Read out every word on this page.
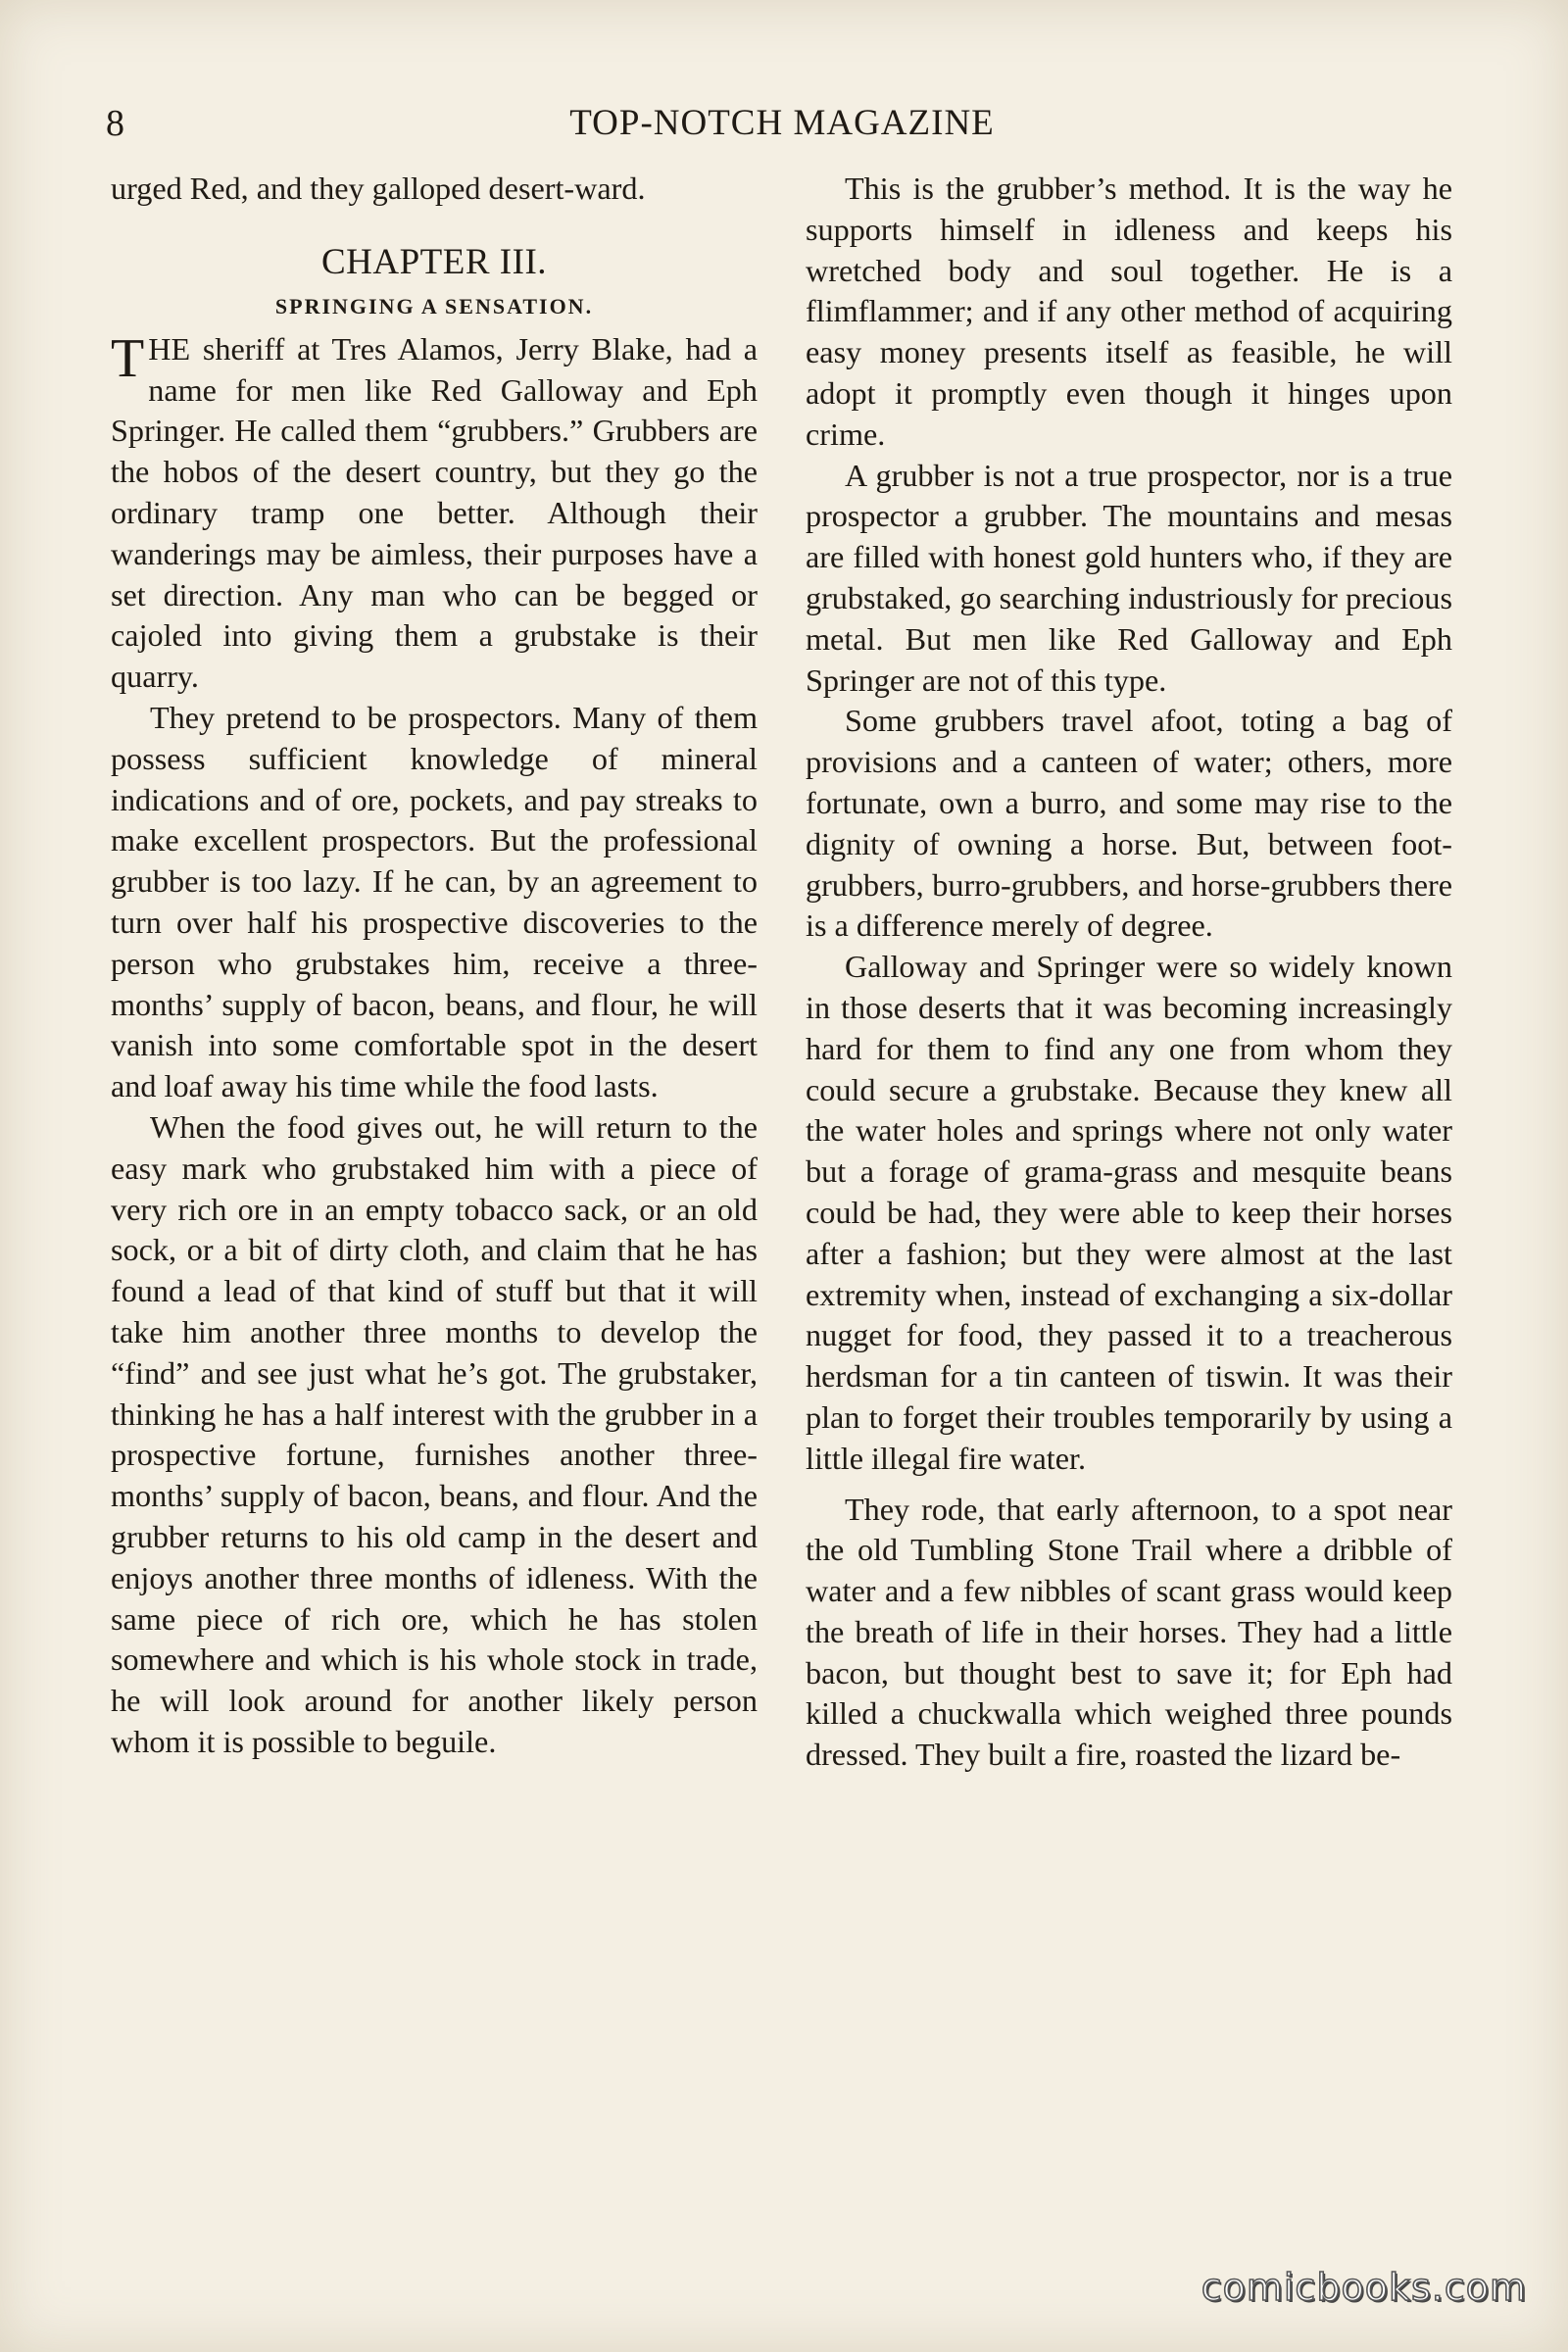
8	TOP-NOTCH MAGAZINE

urged Red, and they galloped desert-ward.

CHAPTER III.
SPRINGING A SENSATION.

THE sheriff at Tres Alamos, Jerry Blake, had a name for men like Red Galloway and Eph Springer. He called them “grubbers.” Grubbers are the hobos of the desert country, but they go the ordinary tramp one better. Although their wanderings may be aimless, their purposes have a set direction. Any man who can be begged or cajoled into giving them a grubstake is their quarry.

They pretend to be prospectors. Many of them possess sufficient knowledge of mineral indications and of ore, pockets, and pay streaks to make excellent prospectors. But the professional grubber is too lazy. If he can, by an agreement to turn over half his prospective discoveries to the person who grubstakes him, receive a three-months’ supply of bacon, beans, and flour, he will vanish into some comfortable spot in the desert and loaf away his time while the food lasts.

When the food gives out, he will return to the easy mark who grubstaked him with a piece of very rich ore in an empty tobacco sack, or an old sock, or a bit of dirty cloth, and claim that he has found a lead of that kind of stuff but that it will take him another three months to develop the “find” and see just what he’s got. The grubstaker, thinking he has a half interest with the grubber in a prospective fortune, furnishes another three-months’ supply of bacon, beans, and flour. And the grubber returns to his old camp in the desert and enjoys another three months of idleness. With the same piece of rich ore, which he has stolen somewhere and which is his whole stock in trade, he will look around for another likely person whom it is possible to beguile.

This is the grubber’s method. It is the way he supports himself in idleness and keeps his wretched body and soul together. He is a flimflammer; and if any other method of acquiring easy money presents itself as feasible, he will adopt it promptly even though it hinges upon crime.

A grubber is not a true prospector, nor is a true prospector a grubber. The mountains and mesas are filled with honest gold hunters who, if they are grubstaked, go searching industriously for precious metal. But men like Red Galloway and Eph Springer are not of this type.

Some grubbers travel afoot, toting a bag of provisions and a canteen of water; others, more fortunate, own a burro, and some may rise to the dignity of owning a horse. But, between foot-grubbers, burro-grubbers, and horse-grubbers there is a difference merely of degree.

Galloway and Springer were so widely known in those deserts that it was becoming increasingly hard for them to find any one from whom they could secure a grubstake. Because they knew all the water holes and springs where not only water but a forage of grama-grass and mesquite beans could be had, they were able to keep their horses after a fashion; but they were almost at the last extremity when, instead of exchanging a six-dollar nugget for food, they passed it to a treacherous herdsman for a tin canteen of tiswin. It was their plan to forget their troubles temporarily by using a little illegal fire water.

They rode, that early afternoon, to a spot near the old Tumbling Stone Trail where a dribble of water and a few nibbles of scant grass would keep the breath of life in their horses. They had a little bacon, but thought best to save it; for Eph had killed a chuckwalla which weighed three pounds dressed. They built a fire, roasted the lizard be-

comicbooks.com
